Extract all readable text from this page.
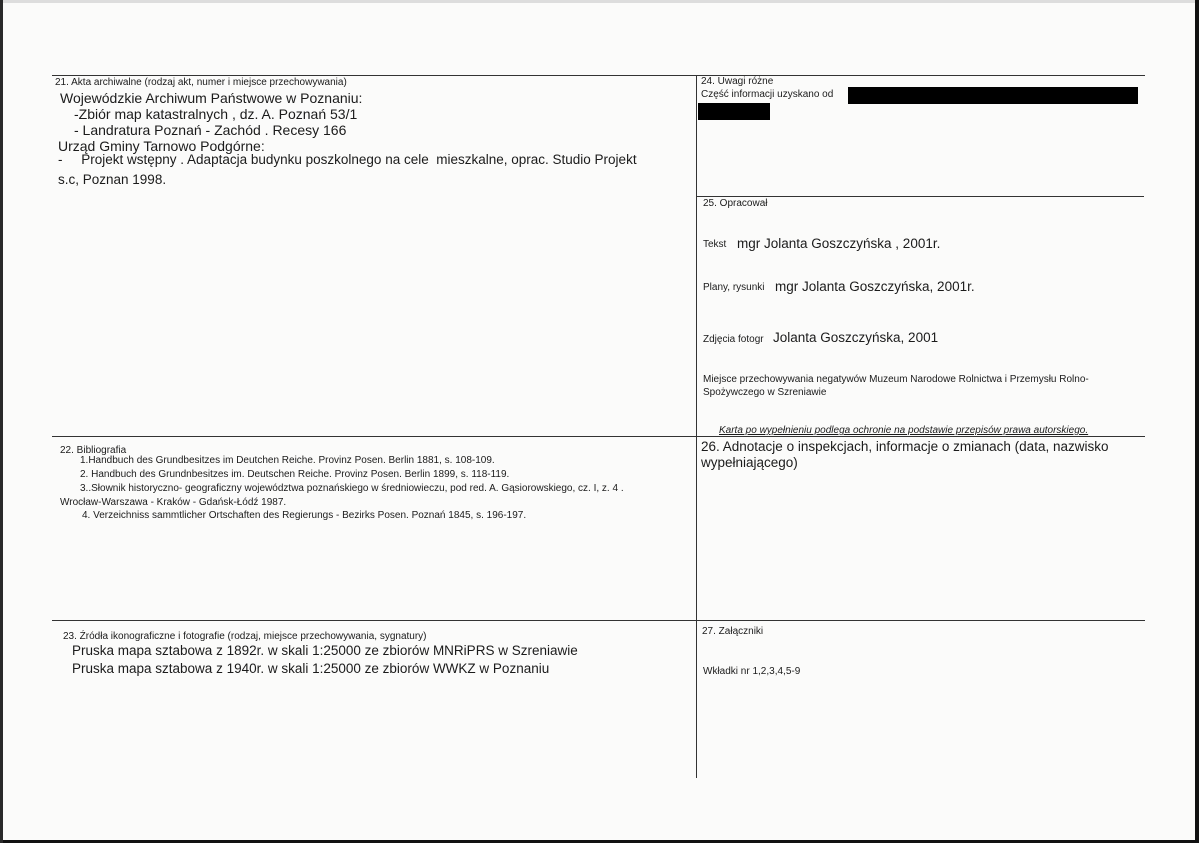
21. Akta archiwalne (rodzaj akt, numer i miejsce przechowywania)
Wojewódzkie Archiwum Państwowe w Poznaniu:
-Zbiór map katastralnych , dz. A. Poznań 53/1
- Landratura Poznań - Zachód . Recesy 166
Urząd Gminy Tarnowo Podgórne:
-     Projekt wstępny . Adaptacja budynku poszkolnego na cele  mieszkalne, oprac. Studio Projekt
s.c, Poznan 1998.
22. Bibliografia
1.Handbuch des Grundbesitzes im Deutchen Reiche. Provinz Posen. Berlin 1881, s. 108-109.
2. Handbuch des Grundnbesitzes im. Deutschen Reiche. Provinz Posen. Berlin 1899, s. 118-119.
3..Słownik historyczno- geograficzny województwa poznańskiego w średniowieczu, pod red. A. Gąsiorowskiego, cz. I, z. 4 .
Wrocław-Warszawa - Kraków - Gdańsk-Łódź 1987.
4. Verzeichniss sammtlicher Ortschaften des Regierungs - Bezirks Posen. Poznań 1845, s. 196-197.
23. Źródła ikonograficzne i fotografie (rodzaj, miejsce przechowywania, sygnatury)
Pruska mapa sztabowa z 1892r. w skali 1:25000 ze zbiorów MNRiPRS w Szreniawie
Pruska mapa sztabowa z 1940r. w skali 1:25000 ze zbiorów WWKZ w Poznaniu
24. Uwagi różne
Część informacji uzyskano od
25. Opracował
Tekst mgr Jolanta Goszczyńska , 2001r.
Plany, rysunki mgr Jolanta Goszczyńska, 2001r.
Zdjęcia fotogr Jolanta Goszczyńska, 2001
Miejsce przechowywania negatywów Muzeum Narodowe Rolnictwa i Przemysłu Rolno-
Spożywczego w Szreniawie
Karta po wypełnieniu podlega ochronie na podstawie przepisów prawa autorskiego.
26. Adnotacje o inspekcjach, informacje o zmianach (data, nazwisko
wypełniającego)
27. Załączniki
Wkładki nr 1,2,3,4,5-9
